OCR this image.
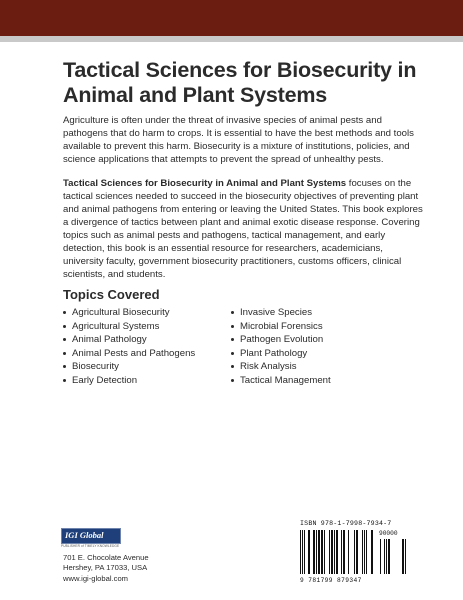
Tactical Sciences for Biosecurity in Animal and Plant Systems
Agriculture is often under the threat of invasive species of animal pests and pathogens that do harm to crops. It is essential to have the best methods and tools available to prevent this harm. Biosecurity is a mixture of institutions, policies, and science applications that attempts to prevent the spread of unhealthy pests.
Tactical Sciences for Biosecurity in Animal and Plant Systems focuses on the tactical sciences needed to succeed in the biosecurity objectives of preventing plant and animal pathogens from entering or leaving the United States. This book explores a divergence of tactics between plant and animal exotic disease response. Covering topics such as animal pests and pathogens, tactical management, and early detection, this book is an essential resource for researchers, academicians, university faculty, government biosecurity practitioners, customs officers, clinical scientists, and students.
Topics Covered
Agricultural Biosecurity
Agricultural Systems
Animal Pathology
Animal Pests and Pathogens
Biosecurity
Early Detection
Invasive Species
Microbial Forensics
Pathogen Evolution
Plant Pathology
Risk Analysis
Tactical Management
IGI Global
PUBLISHER of TIMELY KNOWLEDGE
701 E. Chocolate Avenue
Hershey, PA 17033, USA
www.igi-global.com
ISBN 978-1-7998-7934-7
90000
9 781799 879347
